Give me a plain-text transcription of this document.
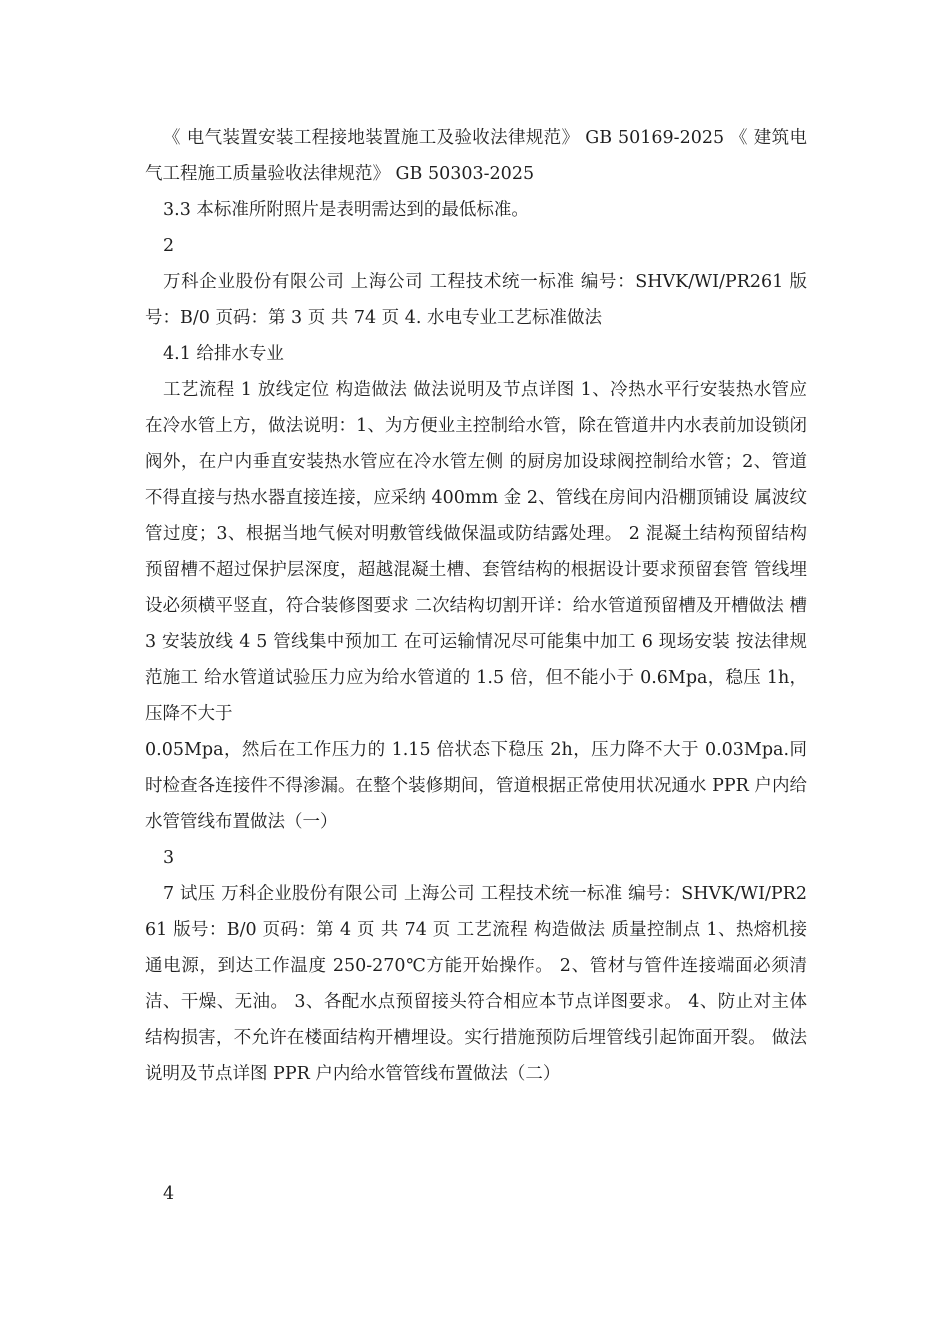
《 电气装置安装工程接地装置施工及验收法律规范》 GB 50169-2025 《 建筑电气工程施工质量验收法律规范》 GB 50303-2025

3.3 本标准所附照片是表明需达到的最低标准。

2

万科企业股份有限公司 上海公司 工程技术统一标准 编号：SHVK/WI/PR261 版号：B/0 页码：第 3 页 共 74 页 4. 水电专业工艺标准做法

4.1 给排水专业

工艺流程 1 放线定位 构造做法 做法说明及节点详图 1、冷热水平行安装热水管应在冷水管上方，做法说明：1、为方便业主控制给水管，除在管道井内水表前加设锁闭阀外，在户内垂直安装热水管应在冷水管左侧 的厨房加设球阀控制给水管；2、管道不得直接与热水器直接连接，应采纳 400mm 金 2、管线在房间内沿棚顶铺设 属波纹管过度；3、根据当地气候对明敷管线做保温或防结露处理。 2 混凝土结构预留结构预留槽不超过保护层深度，超越混凝土槽、套管结构的根据设计要求预留套管 管线埋设必须横平竖直，符合装修图要求 二次结构切割开详：给水管道预留槽及开槽做法 槽 3 安装放线 4 5 管线集中预加工 在可运输情况尽可能集中加工 6 现场安装 按法律规范施工 给水管道试验压力应为给水管道的 1.5 倍，但不能小于 0.6Mpa，稳压 1h，压降不大于

0.05Mpa，然后在工作压力的 1.15 倍状态下稳压 2h，压力降不大于 0.03Mpa.同时检查各连接件不得渗漏。在整个装修期间，管道根据正常使用状况通水 PPR 户内给水管管线布置做法（一）

3

7 试压 万科企业股份有限公司 上海公司 工程技术统一标准 编号：SHVK/WI/PR261 版号：B/0 页码：第 4 页 共 74 页 工艺流程 构造做法 质量控制点 1、热熔机接通电源，到达工作温度 250-270℃方能开始操作。 2、管材与管件连接端面必须清洁、干燥、无油。 3、各配水点预留接头符合相应本节点详图要求。 4、防止对主体结构损害，不允许在楼面结构开槽埋设。实行措施预防后埋管线引起饰面开裂。 做法说明及节点详图 PPR 户内给水管管线布置做法（二）

4
